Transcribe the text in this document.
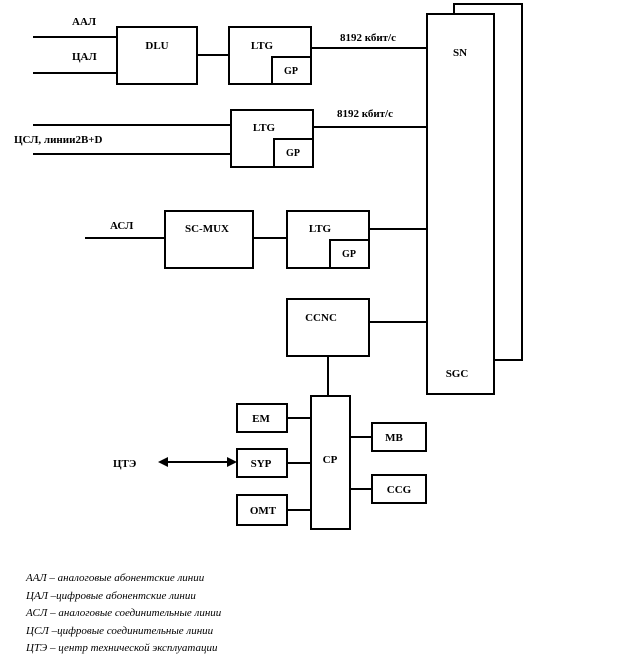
ААЛ
ЦАЛ
ЦСЛ, линии2В+D
АСЛ
ЦТЭ
DLU	LTG
GP
8192 кбит/с
LTG
GP
8192 кбит/с
SC-MUX	LTG
GP
SN
SGC
CCNC
EM
SYP
OMT
CP
MB
CCG
ААЛ – аналоговые абонентские линии
ЦАЛ –цифровые абонентские линии
АСЛ – аналоговые соединительные линии
ЦСЛ –цифровые соединительные линии
ЦТЭ – центр технической эксплуатации
